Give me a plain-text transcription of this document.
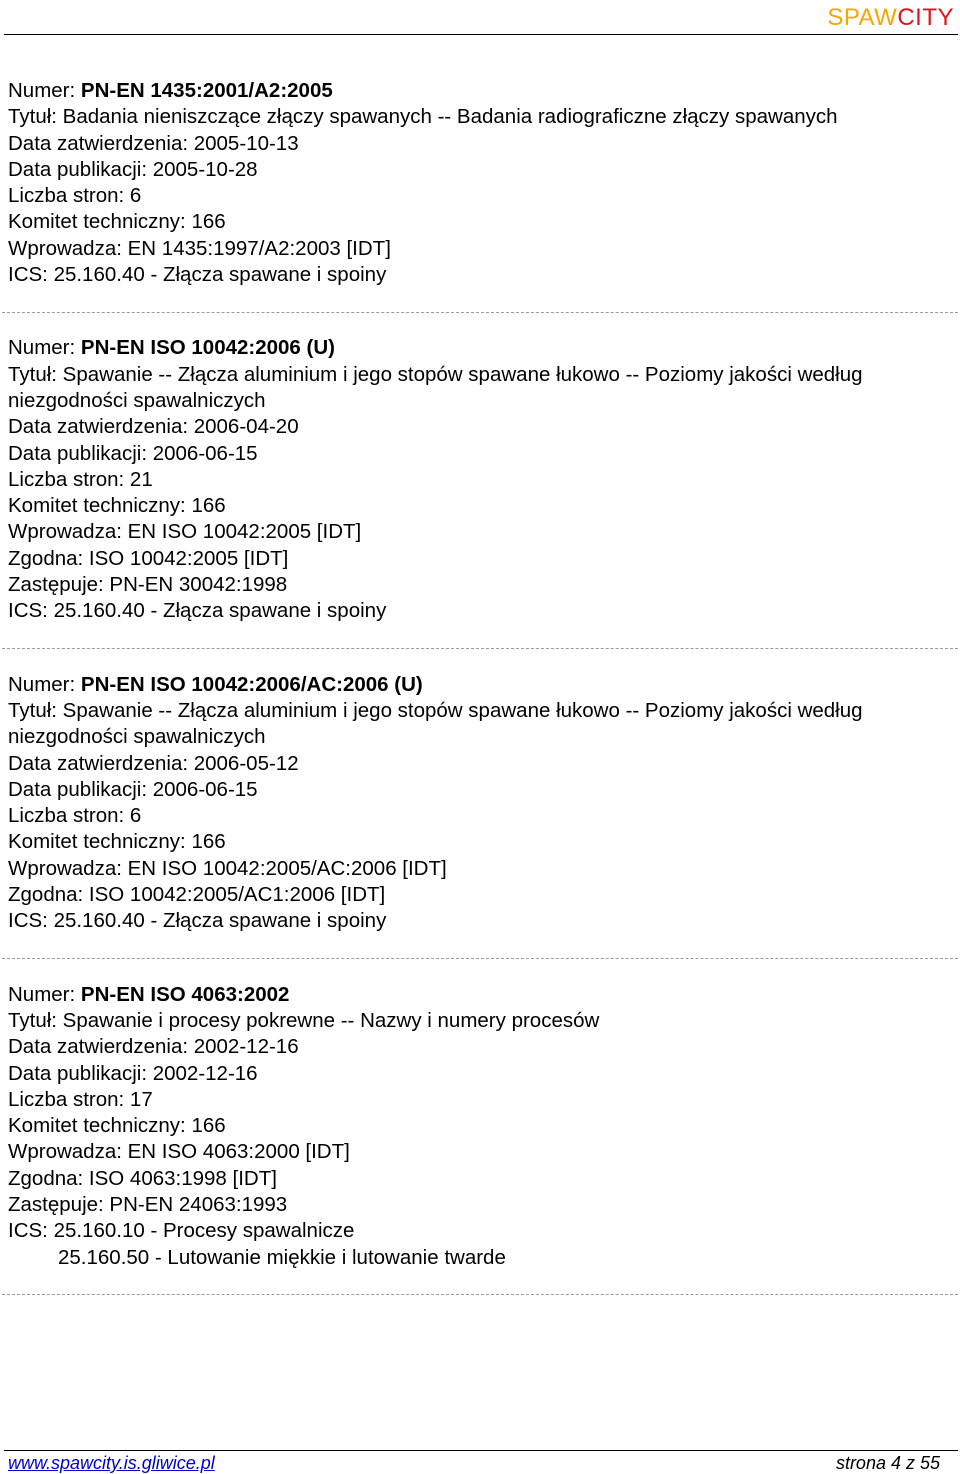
SPAWCITY
Numer: PN-EN 1435:2001/A2:2005
Tytuł: Badania nieniszczące złączy spawanych -- Badania radiograficzne złączy spawanych
Data zatwierdzenia: 2005-10-13
Data publikacji: 2005-10-28
Liczba stron: 6
Komitet techniczny: 166
Wprowadza: EN 1435:1997/A2:2003 [IDT]
ICS: 25.160.40 - Złącza spawane i spoiny
Numer: PN-EN ISO 10042:2006 (U)
Tytuł: Spawanie -- Złącza aluminium i jego stopów spawane łukowo -- Poziomy jakości według niezgodności spawalniczych
Data zatwierdzenia: 2006-04-20
Data publikacji: 2006-06-15
Liczba stron: 21
Komitet techniczny: 166
Wprowadza: EN ISO 10042:2005 [IDT]
Zgodna: ISO 10042:2005 [IDT]
Zastępuje: PN-EN 30042:1998
ICS: 25.160.40 - Złącza spawane i spoiny
Numer: PN-EN ISO 10042:2006/AC:2006 (U)
Tytuł: Spawanie -- Złącza aluminium i jego stopów spawane łukowo -- Poziomy jakości według niezgodności spawalniczych
Data zatwierdzenia: 2006-05-12
Data publikacji: 2006-06-15
Liczba stron: 6
Komitet techniczny: 166
Wprowadza: EN ISO 10042:2005/AC:2006 [IDT]
Zgodna: ISO 10042:2005/AC1:2006 [IDT]
ICS: 25.160.40 - Złącza spawane i spoiny
Numer: PN-EN ISO 4063:2002
Tytuł: Spawanie i procesy pokrewne -- Nazwy i numery procesów
Data zatwierdzenia: 2002-12-16
Data publikacji: 2002-12-16
Liczba stron: 17
Komitet techniczny: 166
Wprowadza: EN ISO 4063:2000 [IDT]
Zgodna: ISO 4063:1998 [IDT]
Zastępuje: PN-EN 24063:1993
ICS: 25.160.10 - Procesy spawalnicze
25.160.50 - Lutowanie miękkie i lutowanie twarde
www.spawcity.is.gliwice.pl	strona 4 z 55
